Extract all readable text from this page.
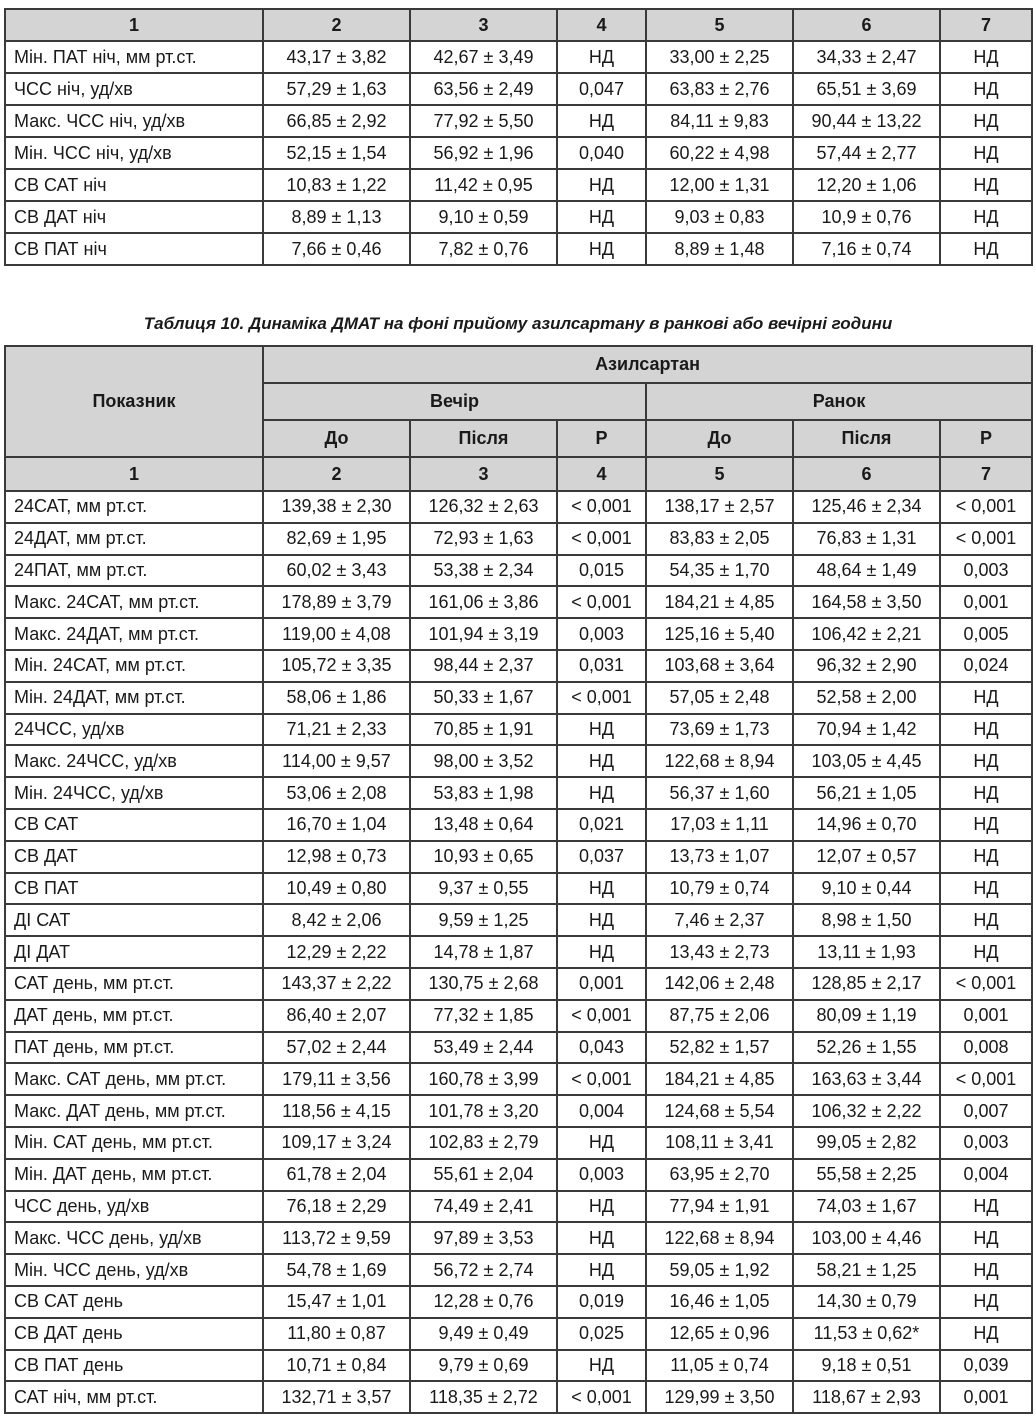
1	2	3	4	5	6	7
Мін. ПАТ ніч, мм рт.ст.	43,17 ± 3,82	42,67 ± 3,49	НД	33,00 ± 2,25	34,33 ± 2,47	НД
ЧСС ніч, уд/хв	57,29 ± 1,63	63,56 ± 2,49	0,047	63,83 ± 2,76	65,51 ± 3,69	НД
Макс. ЧСС ніч, уд/хв	66,85 ± 2,92	77,92 ± 5,50	НД	84,11 ± 9,83	90,44 ± 13,22	НД
Мін. ЧСС ніч, уд/хв	52,15 ± 1,54	56,92 ± 1,96	0,040	60,22 ± 4,98	57,44 ± 2,77	НД
СВ САТ ніч	10,83 ± 1,22	11,42 ± 0,95	НД	12,00 ± 1,31	12,20 ± 1,06	НД
СВ ДАТ ніч	8,89 ± 1,13	9,10 ± 0,59	НД	9,03 ± 0,83	10,9 ± 0,76	НД
СВ ПАТ ніч	7,66 ± 0,46	7,82 ± 0,76	НД	8,89 ± 1,48	7,16 ± 0,74	НД
Таблиця 10. Динаміка ДМАТ на фоні прийому азилсартану в ранкові або вечірні години
Показник	Азилсартан					
	Вечір			Ранок		
	До	Після	Р	До	Після	Р
1	2	3	4	5	6	7
24САТ, мм рт.ст.	139,38 ± 2,30	126,32 ± 2,63	< 0,001	138,17 ± 2,57	125,46 ± 2,34	< 0,001
24ДАТ, мм рт.ст.	82,69 ± 1,95	72,93 ± 1,63	< 0,001	83,83 ± 2,05	76,83 ± 1,31	< 0,001
24ПАТ, мм рт.ст.	60,02 ± 3,43	53,38 ± 2,34	0,015	54,35 ± 1,70	48,64 ± 1,49	0,003
Макс. 24САТ, мм рт.ст.	178,89 ± 3,79	161,06 ± 3,86	< 0,001	184,21 ± 4,85	164,58 ± 3,50	0,001
Макс. 24ДАТ, мм рт.ст.	119,00 ± 4,08	101,94 ± 3,19	0,003	125,16 ± 5,40	106,42 ± 2,21	0,005
Мін. 24САТ, мм рт.ст.	105,72 ± 3,35	98,44 ± 2,37	0,031	103,68 ± 3,64	96,32 ± 2,90	0,024
Мін. 24ДАТ, мм рт.ст.	58,06 ± 1,86	50,33 ± 1,67	< 0,001	57,05 ± 2,48	52,58 ± 2,00	НД
24ЧСС, уд/хв	71,21 ± 2,33	70,85 ± 1,91	НД	73,69 ± 1,73	70,94 ± 1,42	НД
Макс. 24ЧСС, уд/хв	114,00 ± 9,57	98,00 ± 3,52	НД	122,68 ± 8,94	103,05 ± 4,45	НД
Мін. 24ЧСС, уд/хв	53,06 ± 2,08	53,83 ± 1,98	НД	56,37 ± 1,60	56,21 ± 1,05	НД
СВ САТ	16,70 ± 1,04	13,48 ± 0,64	0,021	17,03 ± 1,11	14,96 ± 0,70	НД
СВ ДАТ	12,98 ± 0,73	10,93 ± 0,65	0,037	13,73 ± 1,07	12,07 ± 0,57	НД
СВ ПАТ	10,49 ± 0,80	9,37 ± 0,55	НД	10,79 ± 0,74	9,10 ± 0,44	НД
ДІ САТ	8,42 ± 2,06	9,59 ± 1,25	НД	7,46 ± 2,37	8,98 ± 1,50	НД
ДІ ДАТ	12,29 ± 2,22	14,78 ± 1,87	НД	13,43 ± 2,73	13,11 ± 1,93	НД
САТ день, мм рт.ст.	143,37 ± 2,22	130,75 ± 2,68	0,001	142,06 ± 2,48	128,85 ± 2,17	< 0,001
ДАТ день, мм рт.ст.	86,40 ± 2,07	77,32 ± 1,85	< 0,001	87,75 ± 2,06	80,09 ± 1,19	0,001
ПАТ день, мм рт.ст.	57,02 ± 2,44	53,49 ± 2,44	0,043	52,82 ± 1,57	52,26 ± 1,55	0,008
Макс. САТ день, мм рт.ст.	179,11 ± 3,56	160,78 ± 3,99	< 0,001	184,21 ± 4,85	163,63 ± 3,44	< 0,001
Макс. ДАТ день, мм рт.ст.	118,56 ± 4,15	101,78 ± 3,20	0,004	124,68 ± 5,54	106,32 ± 2,22	0,007
Мін. САТ день, мм рт.ст.	109,17 ± 3,24	102,83 ± 2,79	НД	108,11 ± 3,41	99,05 ± 2,82	0,003
Мін. ДАТ день, мм рт.ст.	61,78 ± 2,04	55,61 ± 2,04	0,003	63,95 ± 2,70	55,58 ± 2,25	0,004
ЧСС день, уд/хв	76,18 ± 2,29	74,49 ± 2,41	НД	77,94 ± 1,91	74,03 ± 1,67	НД
Макс. ЧСС день, уд/хв	113,72 ± 9,59	97,89 ± 3,53	НД	122,68 ± 8,94	103,00 ± 4,46	НД
Мін. ЧСС день, уд/хв	54,78 ± 1,69	56,72 ± 2,74	НД	59,05 ± 1,92	58,21 ± 1,25	НД
СВ САТ день	15,47 ± 1,01	12,28 ± 0,76	0,019	16,46 ± 1,05	14,30 ± 0,79	НД
СВ ДАТ день	11,80 ± 0,87	9,49 ± 0,49	0,025	12,65 ± 0,96	11,53 ± 0,62*	НД
СВ ПАТ день	10,71 ± 0,84	9,79 ± 0,69	НД	11,05 ± 0,74	9,18 ± 0,51	0,039
САТ ніч, мм рт.ст.	132,71 ± 3,57	118,35 ± 2,72	< 0,001	129,99 ± 3,50	118,67 ± 2,93	0,001
